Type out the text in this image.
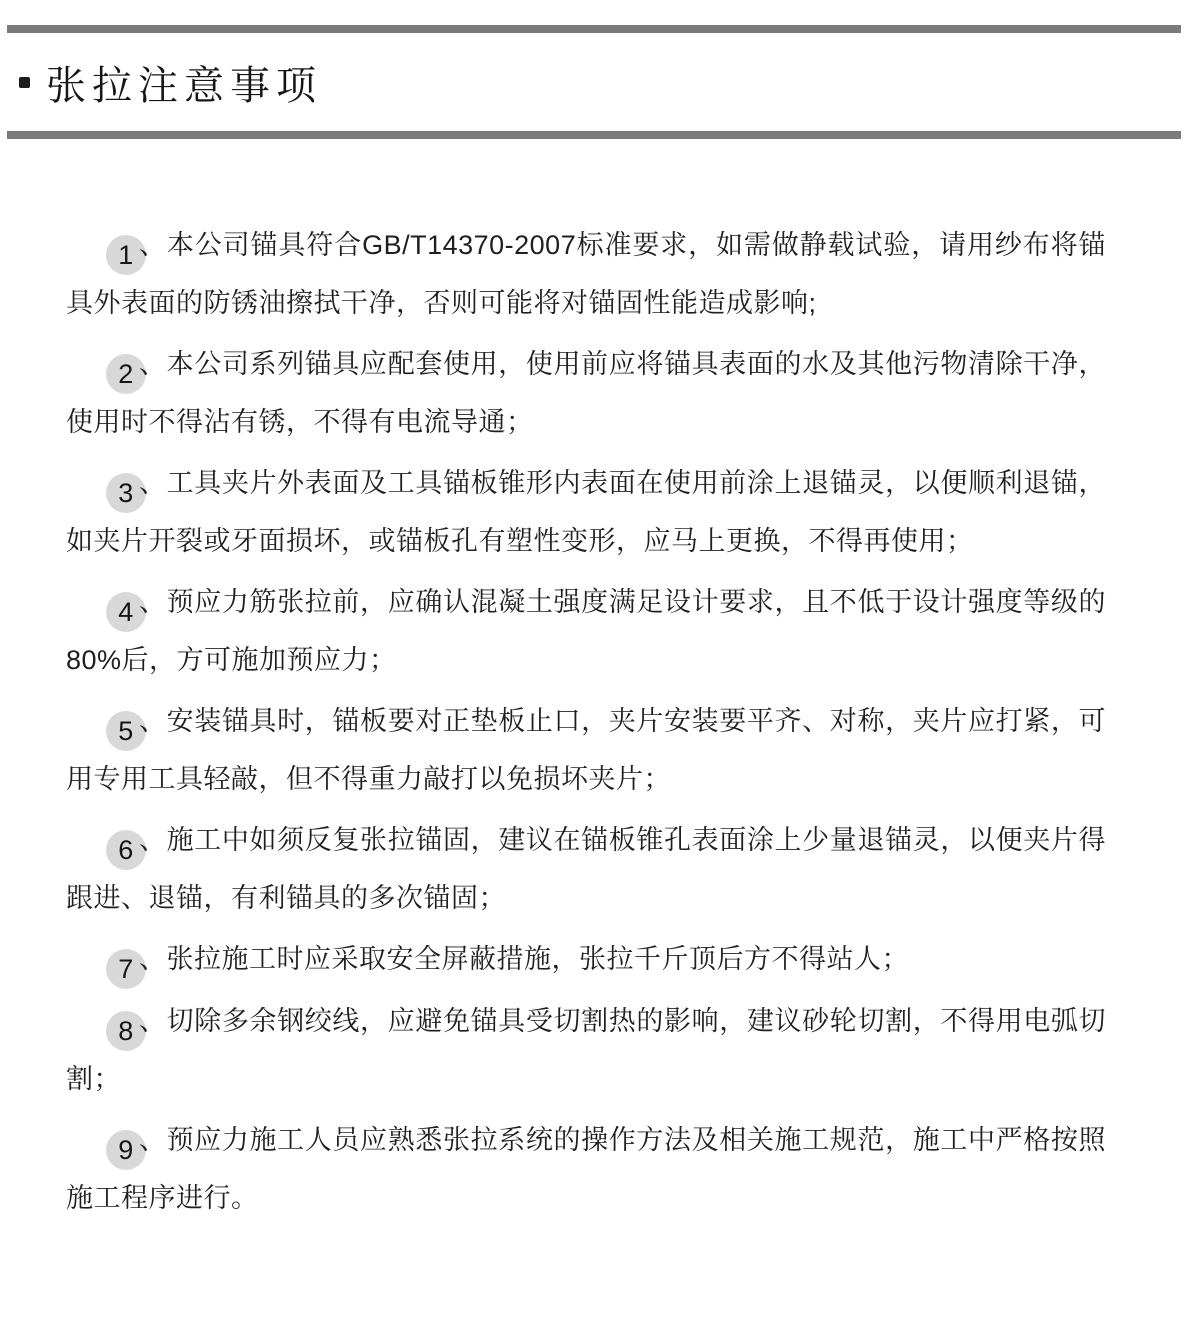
张拉注意事项

1 、本公司锚具符合GB/T14370-2007标准要求，如需做静载试验，请用纱布将锚具外表面的防锈油擦拭干净，否则可能将对锚固性能造成影响;

2 、本公司系列锚具应配套使用，使用前应将锚具表面的水及其他污物清除干净，使用时不得沾有锈，不得有电流导通；

3 、工具夹片外表面及工具锚板锥形内表面在使用前涂上退锚灵，以便顺利退锚，如夹片开裂或牙面损坏，或锚板孔有塑性变形，应马上更换，不得再使用；

4 、预应力筋张拉前，应确认混凝土强度满足设计要求，且不低于设计强度等级的80%后，方可施加预应力；

5 、安装锚具时，锚板要对正垫板止口，夹片安装要平齐、对称，夹片应打紧，可用专用工具轻敲，但不得重力敲打以免损坏夹片；

6 、施工中如须反复张拉锚固，建议在锚板锥孔表面涂上少量退锚灵，以便夹片得跟进、退锚，有利锚具的多次锚固；

7 、张拉施工时应采取安全屏蔽措施，张拉千斤顶后方不得站人；

8 、切除多余钢绞线，应避免锚具受切割热的影响，建议砂轮切割，不得用电弧切割；

9 、预应力施工人员应熟悉张拉系统的操作方法及相关施工规范，施工中严格按照施工程序进行。
